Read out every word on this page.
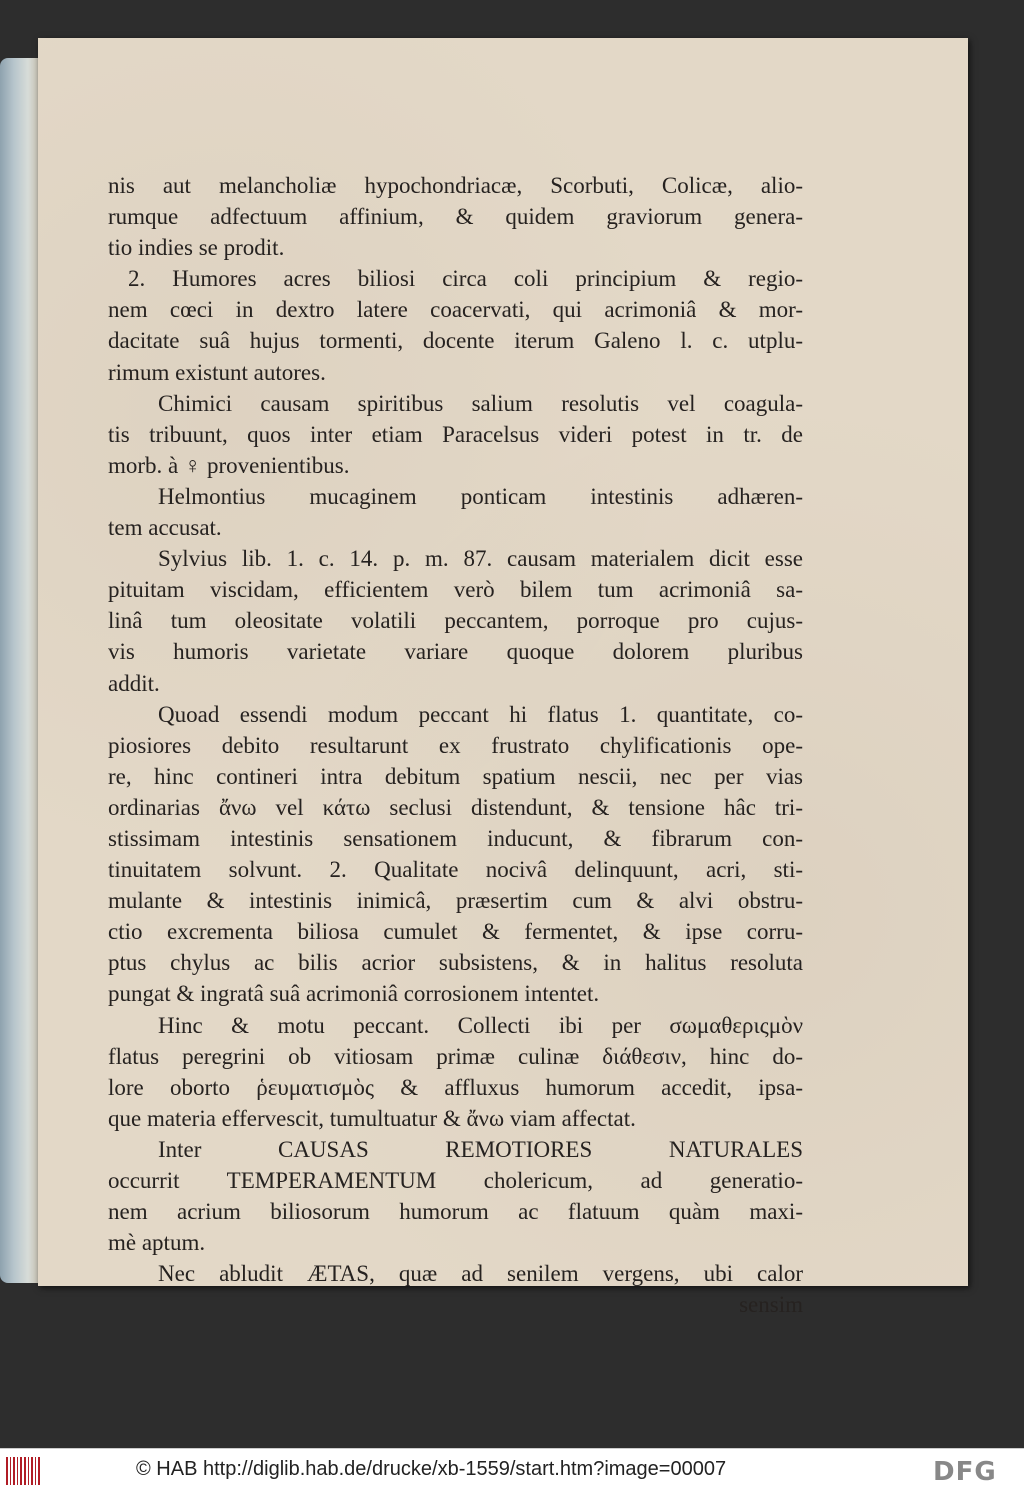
nis aut melancholiæ hypochondriacæ, Scorbuti, Colicæ, alio-
rumque adfectuum affinium, & quidem graviorum genera-
tio indies se prodit.
2. Humores acres biliosi circa coli principium & regio-
nem cœci in dextro latere coacervati, qui acrimoniâ & mor-
dacitate suâ hujus tormenti, docente iterum Galeno l. c. utplu-
rimum existunt autores.
Chimici causam spiritibus salium resolutis vel coagula-
tis tribuunt, quos inter etiam Paracelsus videri potest in tr. de
morb. à ♀ provenientibus.
Helmontius mucaginem ponticam intestinis adhæren-
tem accusat.
Sylvius lib. 1. c. 14. p. m. 87. causam materialem dicit esse
pituitam viscidam, efficientem verò bilem tum acrimoniâ sa-
linâ tum oleositate volatili peccantem, porroque pro cujus-
vis humoris varietate variare quoque dolorem pluribus
addit.
Quoad essendi modum peccant hi flatus 1. quantitate, co-
piosiores debito resultarunt ex frustrato chylificationis ope-
re, hinc contineri intra debitum spatium nescii, nec per vias
ordinarias ἄνω vel κάτω seclusi distendunt, & tensione hâc tri-
stissimam intestinis sensationem inducunt, & fibrarum con-
tinuitatem solvunt. 2. Qualitate nocivâ delinquunt, acri, sti-
mulante & intestinis inimicâ, præsertim cum & alvi obstru-
ctio excrementa biliosa cumulet & fermentet, & ipse corru-
ptus chylus ac bilis acrior subsistens, & in halitus resoluta
pungat & ingratâ suâ acrimoniâ corrosionem intentet.
Hinc & motu peccant. Collecti ibi per σωμαθεριςμὸν
flatus peregrini ob vitiosam primæ culinæ διάθεσιν, hinc do-
lore oborto ῥευματισμὸς & affluxus humorum accedit, ipsa-
que materia effervescit, tumultuatur & ἄνω viam affectat.
Inter CAUSAS REMOTIORES NATURALES
occurrit TEMPERAMENTUM cholericum, ad generatio-
nem acrium biliosorum humorum ac flatuum quàm maxi-
mè aptum.
Nec abludit ÆTAS, quæ ad senilem vergens, ubi calor
sensim
© HAB http://diglib.hab.de/drucke/xb-1559/start.htm?image=00007	DFG
